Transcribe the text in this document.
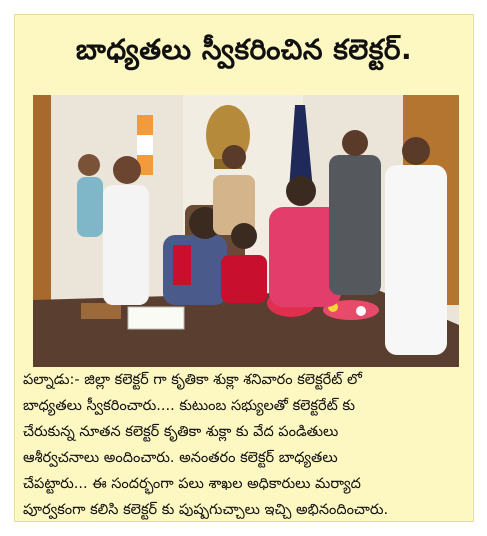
బాధ్యతలు స్వీకరించిన కలెక్టర్.
పల్నాడు:- జిల్లా కలెక్టర్ గా కృతికా శుక్లా శనివారం కలెక్టరేట్ లో
బాధ్యతలు స్వీకరించారు.... కుటుంబ సభ్యులతో కలెక్టరేట్ కు
చేరుకున్న నూతన కలెక్టర్ కృతికా శుక్లా కు వేద పండితులు
ఆశీర్వచనాలు అందించారు. అనంతరం కలెక్టర్ బాధ్యతలు
చేపట్టారు... ఈ సందర్భంగా పలు శాఖల అధికారులు మర్యాద
పూర్వకంగా కలిసి కలెక్టర్ కు పుష్పగుచ్చాలు ఇచ్చి అభినందించారు.
